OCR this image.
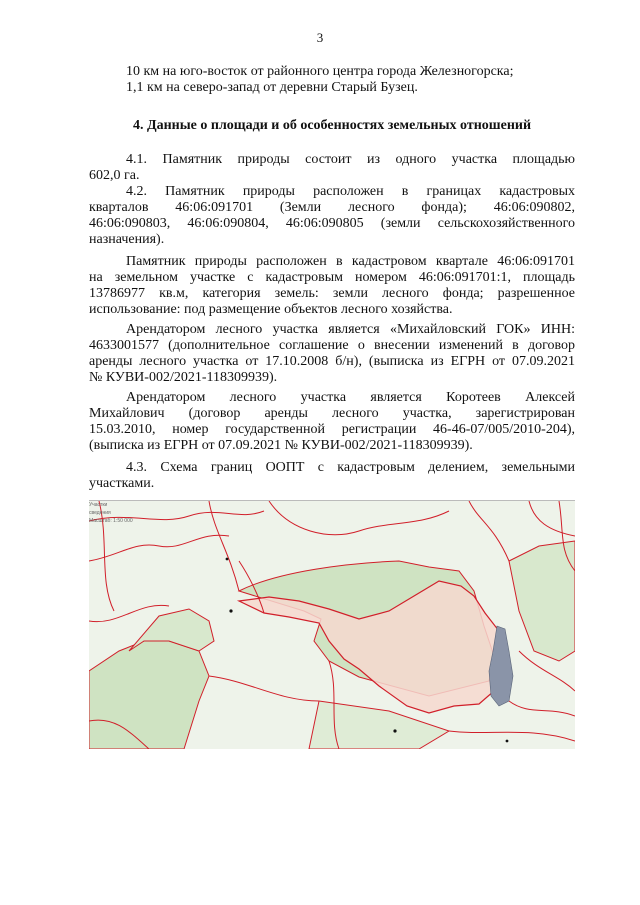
3
10 км на юго-восток от районного центра города Железногорска;
1,1 км на северо-запад от деревни Старый Бузец.
4. Данные о площади и об особенностях земельных отношений
4.1. Памятник природы состоит из одного участка площадью
602,0 га.
4.2. Памятник природы расположен в границах кадастровых
кварталов 46:06:091701 (Земли лесного фонда); 46:06:090802,
46:06:090803, 46:06:090804, 46:06:090805 (земли сельскохозяйственного
назначения).
Памятник природы расположен в кадастровом квартале 46:06:091701
на земельном участке с кадастровым номером 46:06:091701:1, площадь
13786977 кв.м, категория земель: земли лесного фонда; разрешенное
использование: под размещение объектов лесного хозяйства.
Арендатором лесного участка является «Михайловский ГОК» ИНН:
4633001577 (дополнительное соглашение о внесении изменений в договор
аренды лесного участка от 17.10.2008 б/н), (выписка из ЕГРН от 07.09.2021
№ КУВИ-002/2021-118309939).
Арендатором лесного участка является Коротеев Алексей
Михайлович (договор аренды лесного участка, зарегистрирован
15.03.2010, номер государственной регистрации 46-46-07/005/2010-204),
(выписка из ЕГРН от 07.09.2021 № КУВИ-002/2021-118309939).
4.3. Схема границ ООПТ с кадастровым делением, земельными
участками.
Участки
сведения
Масштаб: 1:50 000
